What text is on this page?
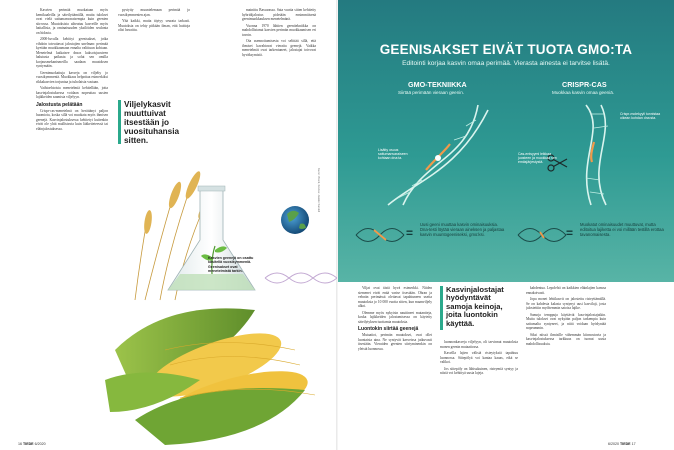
Kasvien perimää muokataan myös kemikaaleilla ja säteilyttämällä, mutta tulokset ovat vielä sattumanvaraisempia kuin geenien siirrossa. Muutoksista aiheutuu kasveille myös haitallisia, ja ominaisuuden yksilöiden seulonta on hidasta.

2000-luvulla kehittyi geenisakset, jotka vihdoin toteuttavat jalostajien unelman: perimää kyetään muokkaamaan ennalta valittuun kohtaan. Menetelmä katkaisee dna:n kaksoisjuosteen halutusta paikasta ja solut sen omilla korjausmekanismeilla saadaan muutoksen syntymään.

Geenimuokattuja kasveja on viljelty jo vuosikymmeniä. Muokkaus helpottaa esimerkiksi rikkakasvien torjuntaa ja tuholaisia vastaan.

Vaihtoehtoisia menetelmiä kehitellään, jotta kasvinjalostuksessa voidaan nopeuttaa uusien lajikkeiden saamista viljelyyn.

Jalostusta pelätään

Crispr-cas-menetelmä on herättänyt paljon huomiota, koska sillä voi muokata myös ihmisen geenejä. Kasvinjalostuksessa kehitetyt kuitenkin eivät ole yhtä mullistavia kuin lääketieteessä tai eläinjalostuksessa.

pystytty muuntelemaan perimää jo vuosikymmenien ajan.

Yhä kaikki, mutta täytyy seurata tarkasti. Muutoksia on tehty pitkään ilman, että haittoja olisi havaittu.

Viljelykasvit muuttuivat itsestään jo vuosituhansia sitten.

mainittu Bassarassa. Sata vuotta sitten kehitetty hybridijalostus pidetään ensimmäisenä geenimuokkauksen menetelmänä.

Vuonna 1970 lähtien geenitekniikka on mahdollistanut kasvien perimän muokkaamisen eri tavoin.

Ota asennoitumisesta voi selittää sillä, että ihmiset kavahtavat vieraita geenejä. Vaikka menetelmät ovat tarkentuneet, jalostajat toivovat hyväksymistä.

Kuvat: iStock, Kuvitus: Jaakko Sundell
Kasvien geenejä on osattu käsitellä vuosikymmeniä. Geenisakset ovat menetelmistä tarkin.
GEENISAKSET EIVÄT TUOTA GMO:TA
Editointi korjaa kasvin omaa perimää. Vierasta ainesta ei tarvitse lisätä.
GMO-TEKNIIKKA
Siirtää perimään vieraan geenin.
CRISPR-CAS
Muokkaa kasvin omaa geeniä.
Lisätty osuus sattumanvaraiseen kohtaan dna:ta.
Crispr-molekyyli tunnistaa oikean kohdan dna:sta.
Cas-entsyymi leikkaa juosteen ja muokkaa sen emäsjärjestystä.
=
Uusi geeni muuttaa kasvin ominaisuuksia. Dna-testi löytää vieraan aineksen ja paljastaa kasvin muuntogeeniseksi, gmo:ksi.	=
Muokatut ominaisuudet muuttuvat, mutta editoitua lajiketta ei voi millään testillä erottaa tavanomaisesta.

Viljat ovat tästä hyvä esimerkki. Niiden siemenet eivät enää varise itsestään. Ohran ja vehnän perimässä olettavat tapahtuneen useita muutoksia jo 10 000 vuotta sitten, kun maanviljely alkoi.

Olemme myös nykyisin nauttineet mutantteja, koska lajikkeiden jalostamisessa on käytetty säteilytyksen tuottamia muutoksia.

Luontokin siirtää geenejä

Mutaatiot, perimän muutokset, ovat ollet luontaisia aina. Ne syntyvät kasveissa jatkuvasti itsestään. Vieraiden geenien siirtyminenkin on yleistä luonnossa.

Kasvinjalostajat hyödyntävät samoja keinoja, joita luontokin käyttää.

luonnonkasveja viljelyyn, oli tarvinnut muutoksia monen geenin mutaatiossa.

Kasvilla lajien välisiä risteytyksiä tapahtuu luonnossa. Siitepölyä voi kantaa kauas, eikä se valikoi.

Jos siitepöly on lähisukuinen, risteymiä syntyy ja niistä voi kehittyä uusia lajeja.

kahdentua. Lepolehti on kaikkien eläinlajien kanssa ennakoivasti.

Jopa monet lehtikasvit on jalostettu risteyttämällä. Se on kahdesta kalasta syntynyt uusi kasvilaji, josta jalostettiin myöhemmin satoisa lajike.

Samoja temppuja käyttävät kasvinjalostajatkin. Mutta tulokset ovat nykyään paljon tarkempia kuin sattumalta syntyneet, ja niitä voidaan hyödyntää nopeammin.

Siksi niissä ihmisille vähemmän kiinnostavia ja kasvinjalostuksessa tarkkuus on tuonut uusia mahdollisuuksia.

16 TIEDE 6/2020	6/2020 TIEDE 17
